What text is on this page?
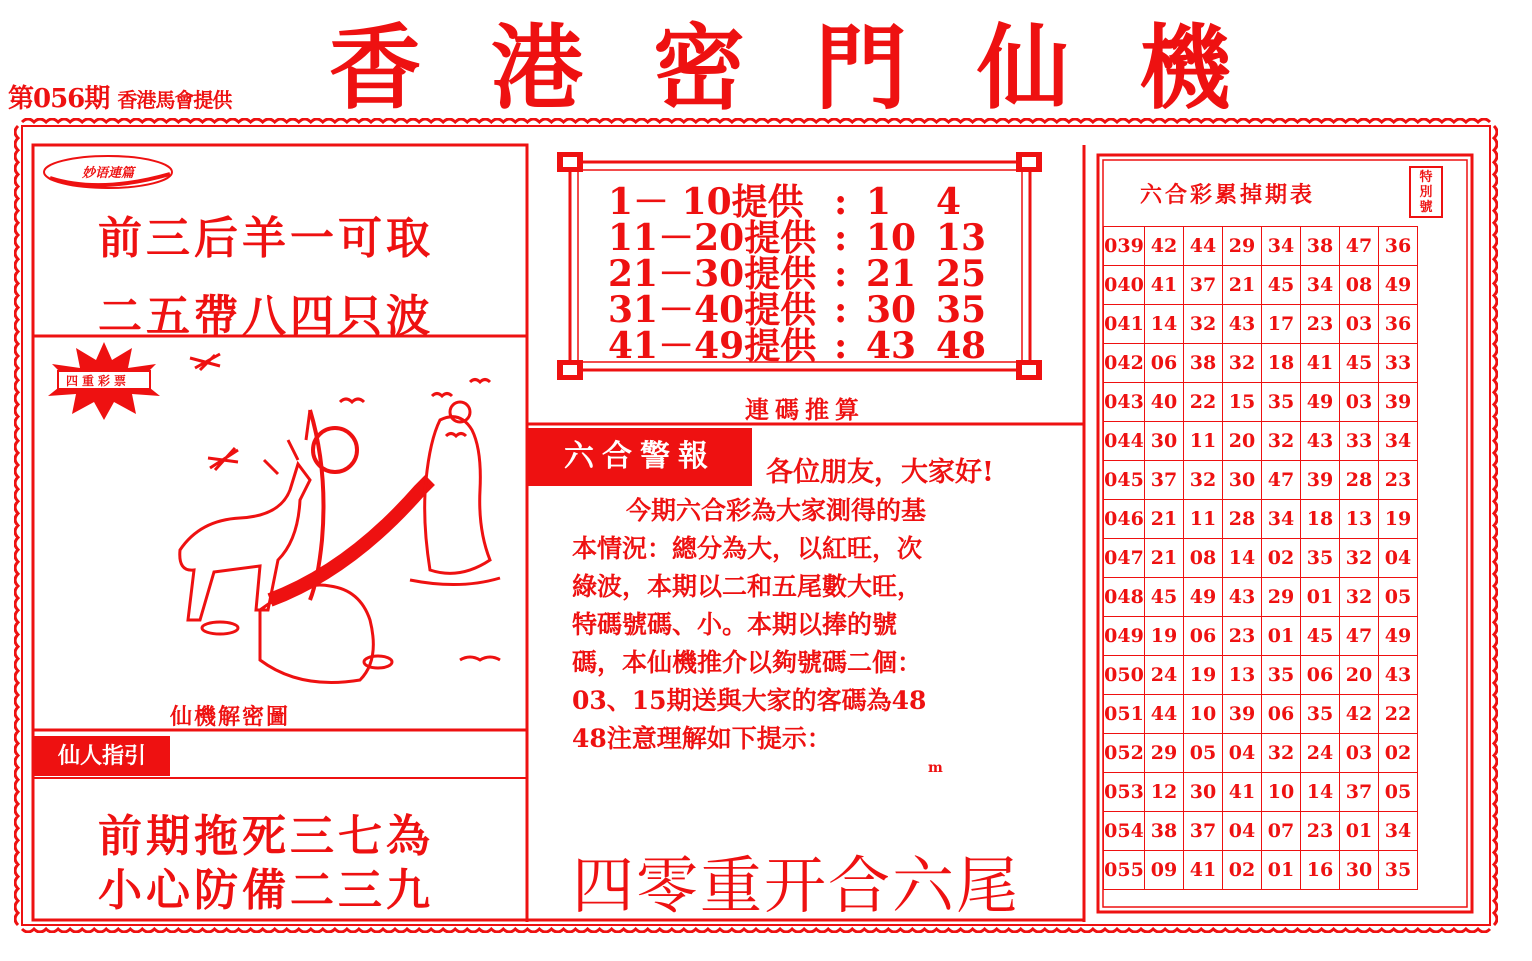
第056期 香港馬會提供	香 港 密 門 仙 機
妙语連篇
前三后羊一可取
二五帶八四只波
四重彩票
仙機解密圖
仙人指引
前期拖死三七為
小心防備二三九
1－ 10提供 : 1 4
11－20提供 : 10 13
21－30提供 : 21 25
31－40提供 : 30 35
41－49提供 : 43 48
連碼推算
六合警報	各位朋友，大家好!
今期六合彩為大家測得的基
本情況：總分為大，以紅旺，次
綠波，本期以二和五尾數大旺，
特碼號碼、小。本期以捧的號
碼，本仙機推介以夠號碼二個：
03、15期送與大家的客碼為48
48注意理解如下提示：
m
四零重开合六尾
六合彩累掉期表
特別號
039	42	44	29	34	38	47	36
040	41	37	21	45	34	08	49
041	14	32	43	17	23	03	36
042	06	38	32	18	41	45	33
043	40	22	15	35	49	03	39
044	30	11	20	32	43	33	34
045	37	32	30	47	39	28	23
046	21	11	28	34	18	13	19
047	21	08	14	02	35	32	04
048	45	49	43	29	01	32	05
049	19	06	23	01	45	47	49
050	24	19	13	35	06	20	43
051	44	10	39	06	35	42	22
052	29	05	04	32	24	03	02
053	12	30	41	10	14	37	05
054	38	37	04	07	23	01	34
055	09	41	02	01	16	30	35
